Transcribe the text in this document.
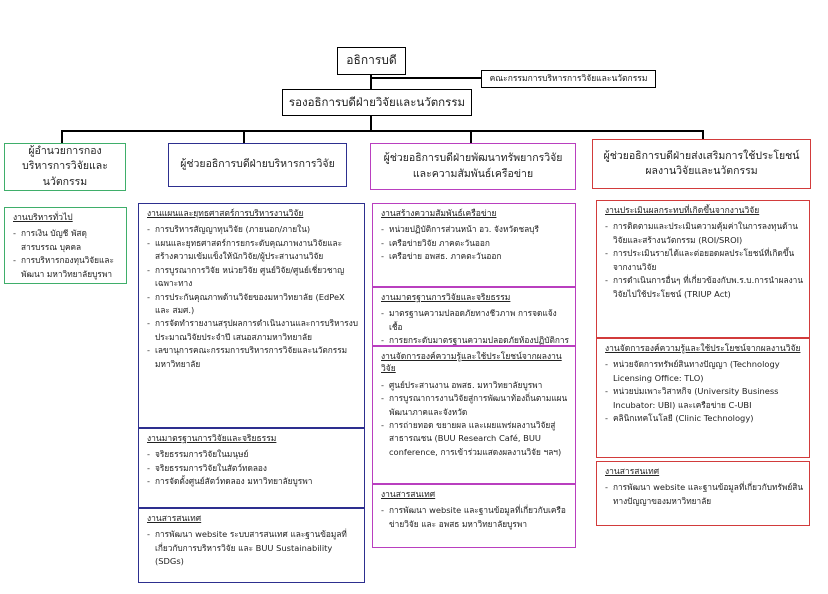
อธิการบดี
คณะกรรมการบริหารการวิจัยและนวัตกรรม
รองอธิการบดีฝ่ายวิจัยและนวัตกรรม
ผู้อำนวยการกองบริหารการวิจัยและนวัตกรรม
งานบริหารทั่วไป
- การเงิน บัญชี พัสดุ สารบรรณ บุคคล
- การบริหารกองทุนวิจัยและพัฒนา มหาวิทยาลัยบูรพา
ผู้ช่วยอธิการบดีฝ่ายบริหารการวิจัย
งานแผนและยุทธศาสตร์การบริหารงานวิจัย
- การบริหารสัญญาทุนวิจัย (ภายนอก/ภายใน)
- แผนและยุทธศาสตร์การยกระดับคุณภาพงานวิจัยและสร้างความเข้มแข็งให้นักวิจัย/ผู้ประสานงานวิจัย
- การบูรณาการวิจัย หน่วยวิจัย ศูนย์วิจัย/ศูนย์เชี่ยวชาญเฉพาะทาง
- การประกันคุณภาพด้านวิจัยของมหาวิทยาลัย (EdPeX และ สมศ.)
- การจัดทำรายงานสรุปผลการดำเนินงานและการบริหารงบประมาณวิจัยประจำปี เสนอสภามหาวิทยาลัย
- เลขานุการคณะกรรมการบริหารการวิจัยและนวัตกรรม มหาวิทยาลัย
งานมาตรฐานการวิจัยและจริยธรรม
- จริยธรรมการวิจัยในมนุษย์
- จริยธรรมการวิจัยในสัตว์ทดลอง
- การจัดตั้งศูนย์สัตว์ทดลอง มหาวิทยาลัยบูรพา
งานสารสนเทศ
- การพัฒนา website ระบบสารสนเทศ และฐานข้อมูลที่เกี่ยวกับการบริหารวิจัย และ BUU Sustainability (SDGs)
ผู้ช่วยอธิการบดีฝ่ายพัฒนาทรัพยากรวิจัยและความสัมพันธ์เครือข่าย
งานสร้างความสัมพันธ์เครือข่าย
- หน่วยปฏิบัติการส่วนหน้า อว. จังหวัดชลบุรี
- เครือข่ายวิจัย ภาคตะวันออก
- เครือข่าย อพสธ. ภาคตะวันออก
งานมาตรฐานการวิจัยและจริยธรรม
- มาตรฐานความปลอดภัยทางชีวภาพ การจดแจ้งเชื้อ
- การยกระดับมาตรฐานความปลอดภัยห้องปฏิบัติการ
งานจัดการองค์ความรู้และใช้ประโยชน์จากผลงานวิจัย
- ศูนย์ประสานงาน อพสธ. มหาวิทยาลัยบูรพา
- การบูรณาการงานวิจัยสู่การพัฒนาท้องถิ่นตามแผนพัฒนาภาคและจังหวัด
- การถ่ายทอด ขยายผล และเผยแพร่ผลงานวิจัยสู่สาธารณชน (BUU Research Café, BUU conference, การเข้าร่วมแสดงผลงานวิจัย ฯลฯ)
งานสารสนเทศ
- การพัฒนา website และฐานข้อมูลที่เกี่ยวกับเครือข่ายวิจัย และ อพสธ มหาวิทยาลัยบูรพา
ผู้ช่วยอธิการบดีฝ่ายส่งเสริมการใช้ประโยชน์ผลงานวิจัยและนวัตกรรม
งานประเมินผลกระทบที่เกิดขึ้นจากงานวิจัย
- การติดตามและประเมินความคุ้มค่าในการลงทุนด้านวิจัยและสร้างนวัตกรรม (ROI/SROI)
- การประเมินรายได้และต่อยอดผลประโยชน์ที่เกิดขึ้นจากงานวิจัย
- การดำเนินการอื่นๆ ที่เกี่ยวข้องกับพ.ร.บ.การนำผลงานวิจัยไปใช้ประโยชน์ (TRIUP Act)
งานจัดการองค์ความรู้และใช้ประโยชน์จากผลงานวิจัย
- หน่วยจัดการทรัพย์สินทางปัญญา (Technology Licensing Office: TLO)
- หน่วยบ่มเพาะวิสาหกิจ (University Business Incubator: UBI) และเครือข่าย C-UBI
- คลินิกเทคโนโลยี (Clinic Technology)
งานสารสนเทศ
- การพัฒนา website และฐานข้อมูลที่เกี่ยวกับทรัพย์สินทางปัญญาของมหาวิทยาลัย
